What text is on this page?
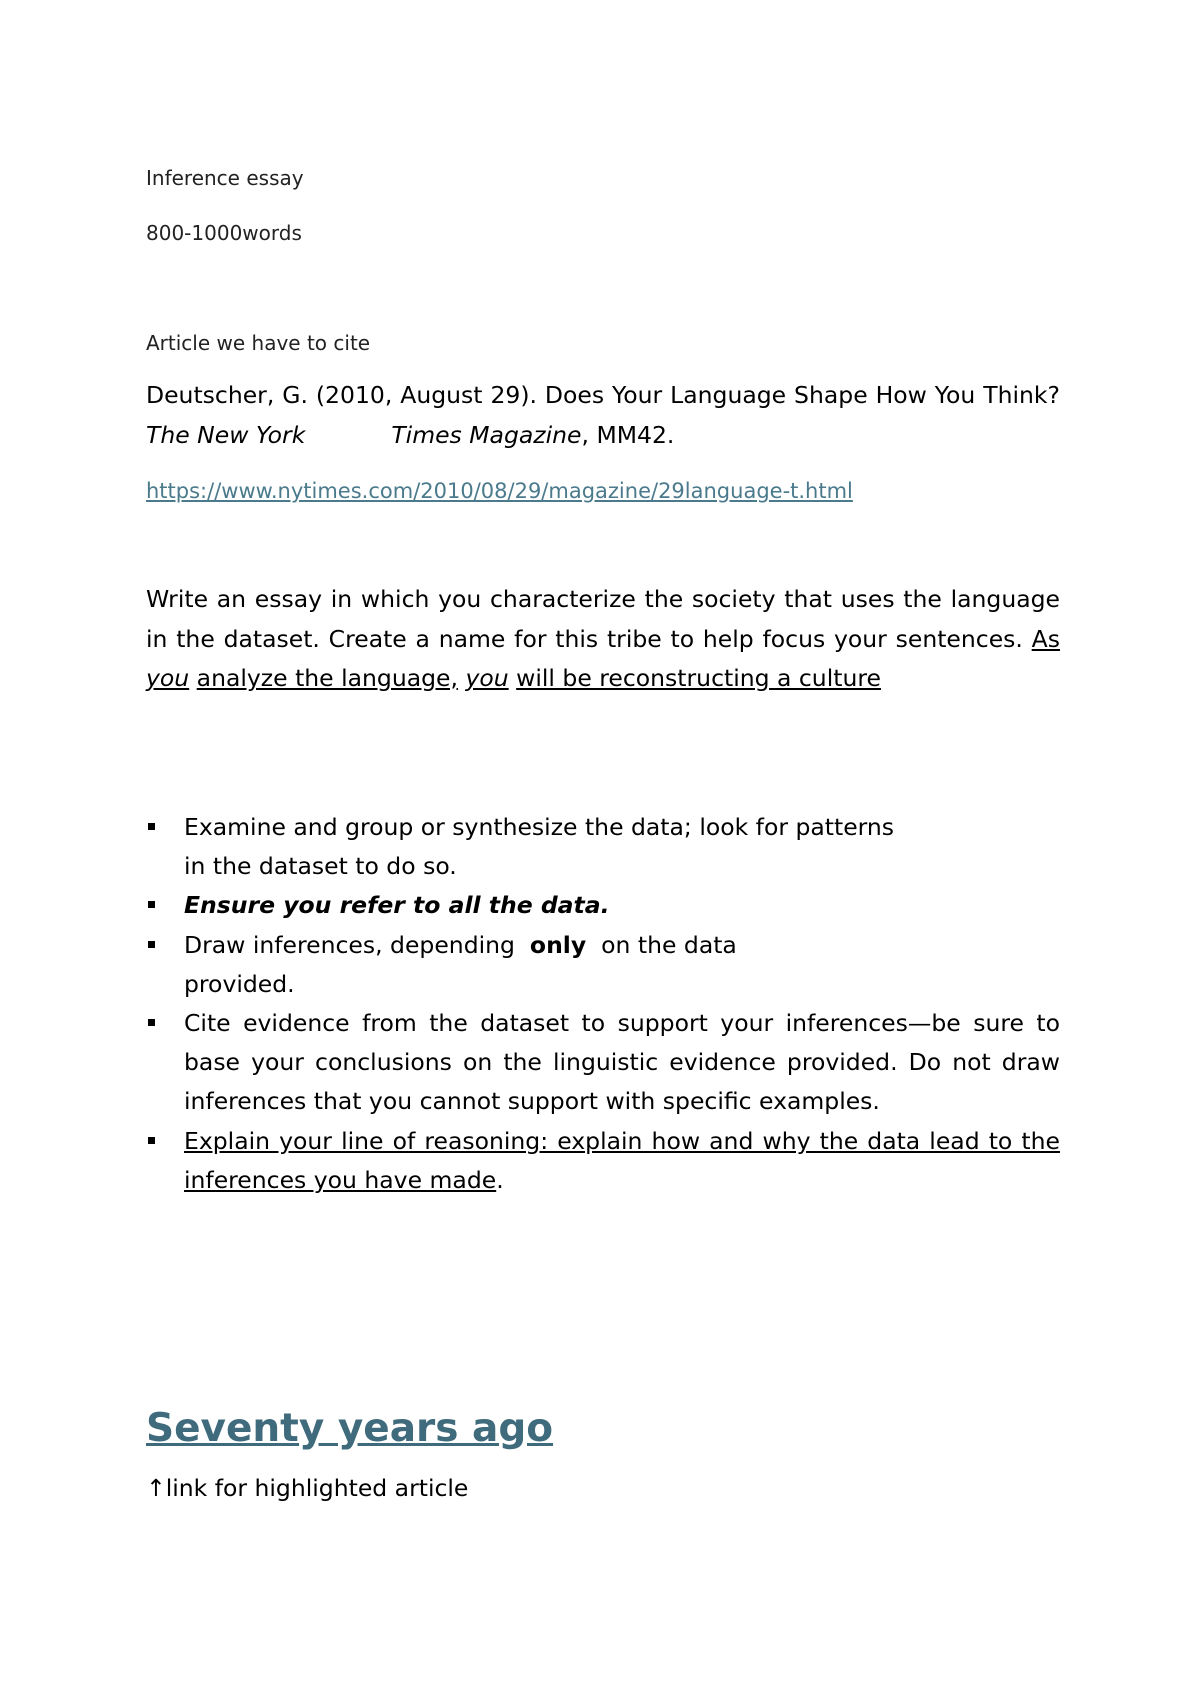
Inference essay
800-1000words
Article we have to cite
Deutscher, G. (2010, August 29). Does Your Language Shape How You Think? The New York	Times Magazine, MM42.
https://www.nytimes.com/2010/08/29/magazine/29language-t.html
Write an essay in which you characterize the society that uses the language in the dataset. Create a name for this tribe to help focus your sentences. As you analyze the language, you will be reconstructing a culture
Examine and group or synthesize the data; look for patterns
in the dataset to do so.
Ensure you refer to all the data.
Draw inferences, depending only on the data
provided.
Cite evidence from the dataset to support your inferences—be sure to base your conclusions on the linguistic evidence provided. Do not draw inferences that you cannot support with specific examples.
Explain your line of reasoning: explain how and why the data lead to the inferences you have made.
Seventy years ago
↑link for highlighted article
